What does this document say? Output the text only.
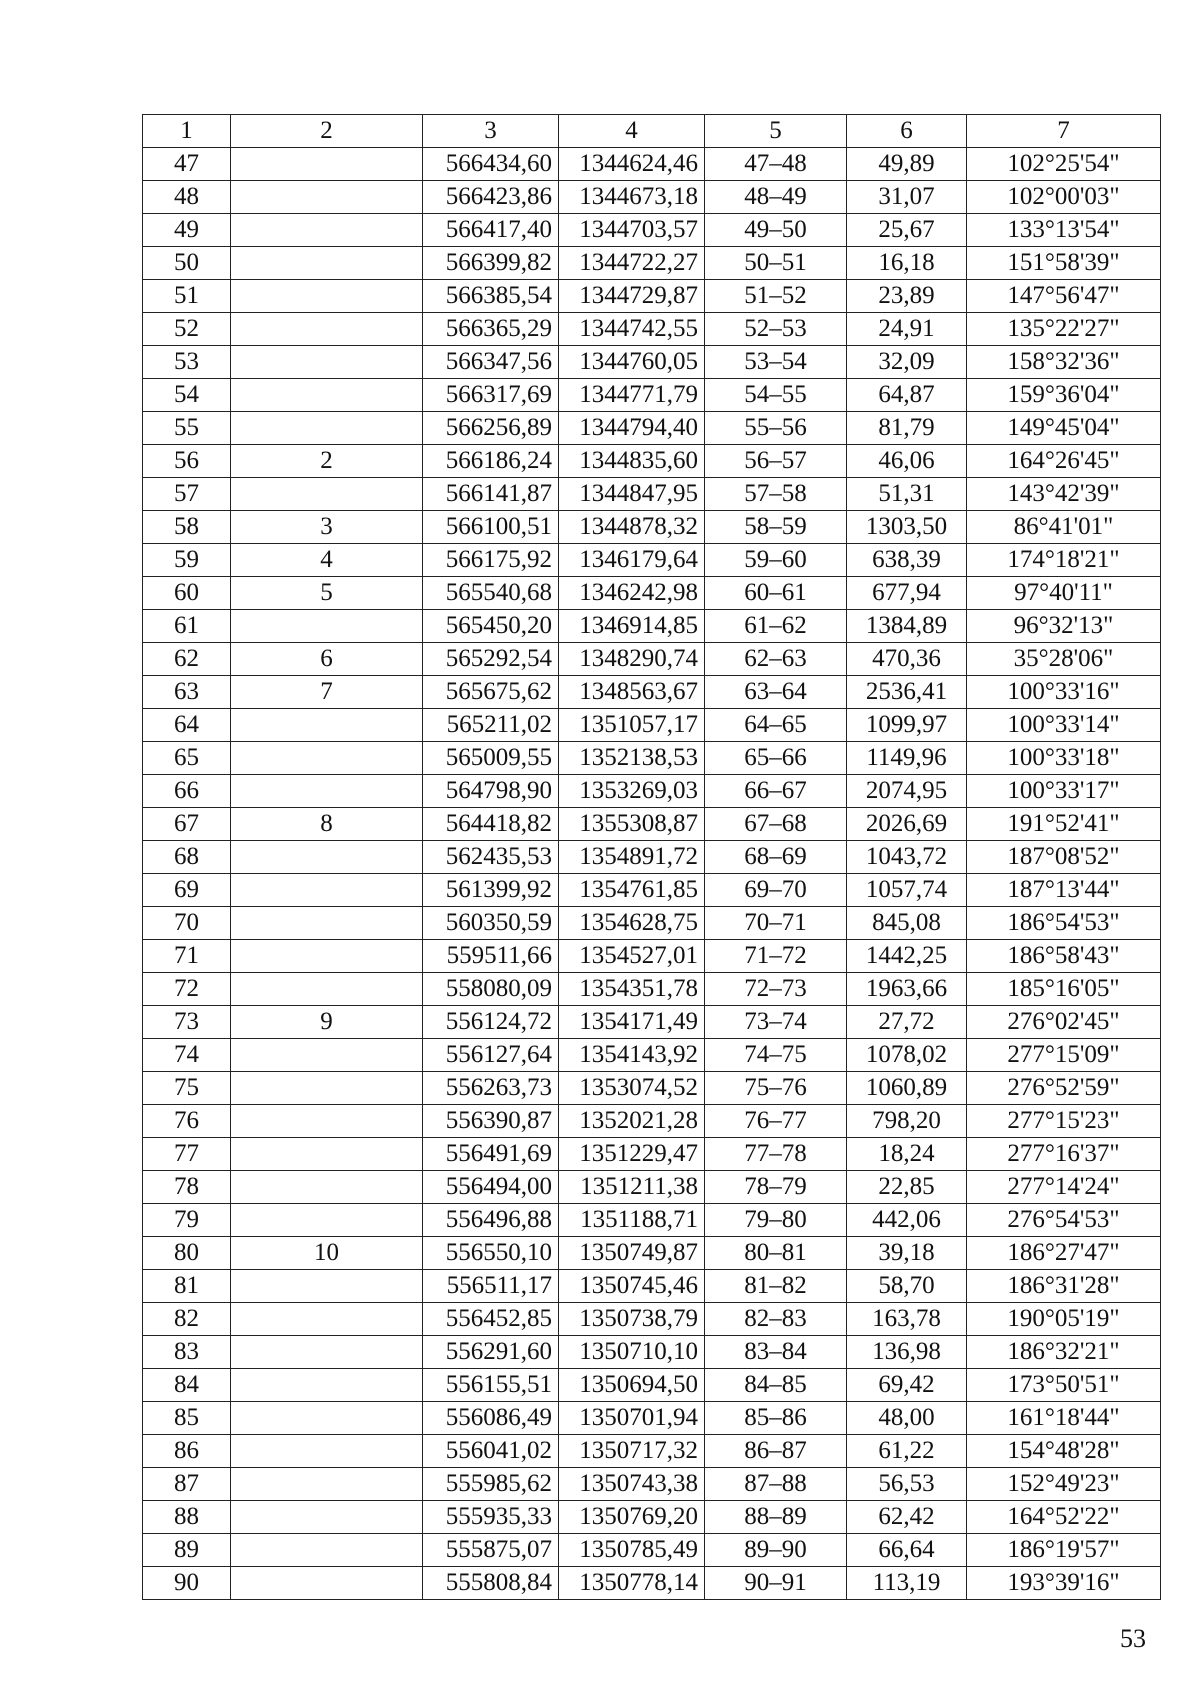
1	2	3	4	5	6	7
47		566434,60	1344624,46	47–48	49,89	102°25'54"
48		566423,86	1344673,18	48–49	31,07	102°00'03"
49		566417,40	1344703,57	49–50	25,67	133°13'54"
50		566399,82	1344722,27	50–51	16,18	151°58'39"
51		566385,54	1344729,87	51–52	23,89	147°56'47"
52		566365,29	1344742,55	52–53	24,91	135°22'27"
53		566347,56	1344760,05	53–54	32,09	158°32'36"
54		566317,69	1344771,79	54–55	64,87	159°36'04"
55		566256,89	1344794,40	55–56	81,79	149°45'04"
56	2	566186,24	1344835,60	56–57	46,06	164°26'45"
57		566141,87	1344847,95	57–58	51,31	143°42'39"
58	3	566100,51	1344878,32	58–59	1303,50	86°41'01"
59	4	566175,92	1346179,64	59–60	638,39	174°18'21"
60	5	565540,68	1346242,98	60–61	677,94	97°40'11"
61		565450,20	1346914,85	61–62	1384,89	96°32'13"
62	6	565292,54	1348290,74	62–63	470,36	35°28'06"
63	7	565675,62	1348563,67	63–64	2536,41	100°33'16"
64		565211,02	1351057,17	64–65	1099,97	100°33'14"
65		565009,55	1352138,53	65–66	1149,96	100°33'18"
66		564798,90	1353269,03	66–67	2074,95	100°33'17"
67	8	564418,82	1355308,87	67–68	2026,69	191°52'41"
68		562435,53	1354891,72	68–69	1043,72	187°08'52"
69		561399,92	1354761,85	69–70	1057,74	187°13'44"
70		560350,59	1354628,75	70–71	845,08	186°54'53"
71		559511,66	1354527,01	71–72	1442,25	186°58'43"
72		558080,09	1354351,78	72–73	1963,66	185°16'05"
73	9	556124,72	1354171,49	73–74	27,72	276°02'45"
74		556127,64	1354143,92	74–75	1078,02	277°15'09"
75		556263,73	1353074,52	75–76	1060,89	276°52'59"
76		556390,87	1352021,28	76–77	798,20	277°15'23"
77		556491,69	1351229,47	77–78	18,24	277°16'37"
78		556494,00	1351211,38	78–79	22,85	277°14'24"
79		556496,88	1351188,71	79–80	442,06	276°54'53"
80	10	556550,10	1350749,87	80–81	39,18	186°27'47"
81		556511,17	1350745,46	81–82	58,70	186°31'28"
82		556452,85	1350738,79	82–83	163,78	190°05'19"
83		556291,60	1350710,10	83–84	136,98	186°32'21"
84		556155,51	1350694,50	84–85	69,42	173°50'51"
85		556086,49	1350701,94	85–86	48,00	161°18'44"
86		556041,02	1350717,32	86–87	61,22	154°48'28"
87		555985,62	1350743,38	87–88	56,53	152°49'23"
88		555935,33	1350769,20	88–89	62,42	164°52'22"
89		555875,07	1350785,49	89–90	66,64	186°19'57"
90		555808,84	1350778,14	90–91	113,19	193°39'16"
53
